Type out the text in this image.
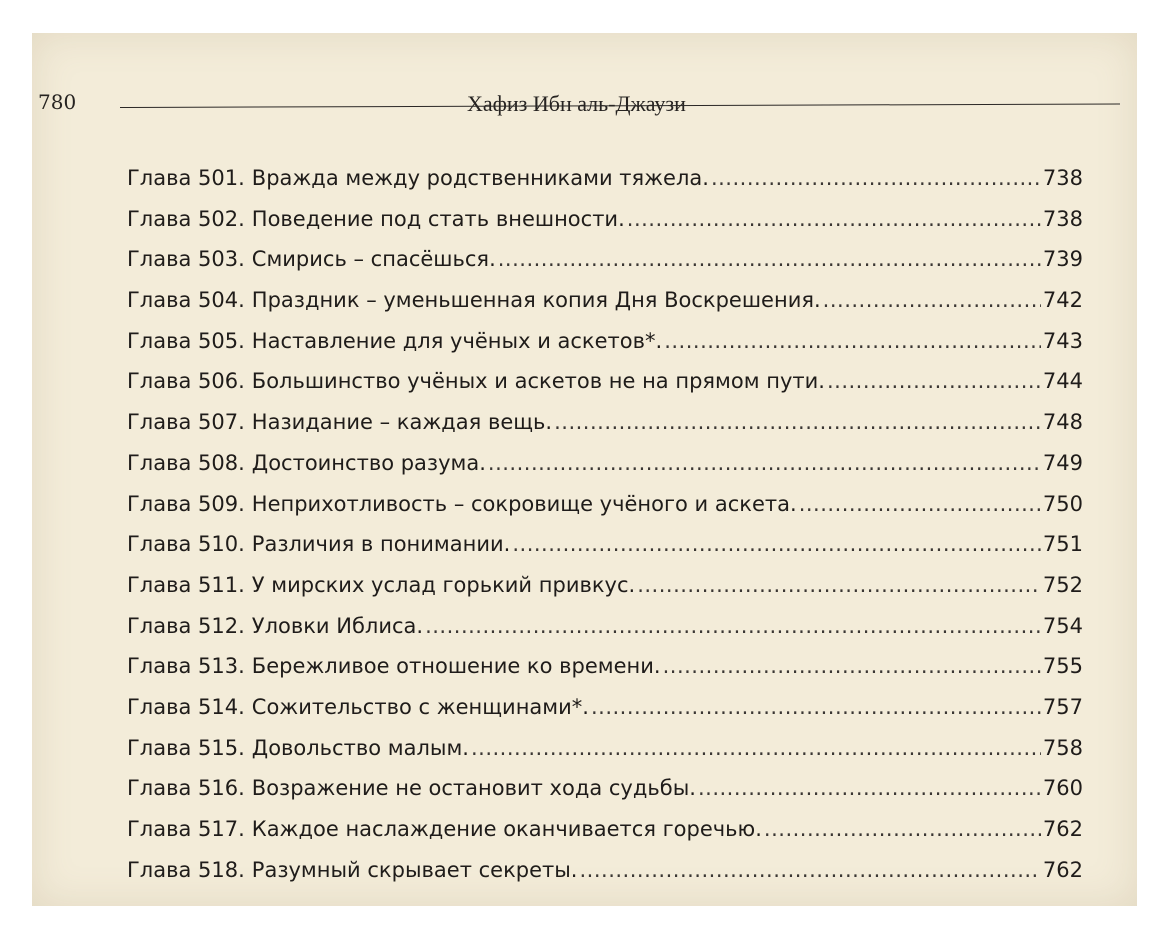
780	Хафиз Ибн аль-Джаузи
Глава 501. Вражда между родственниками тяжела. .....	738
Глава 502. Поведение под стать внешности. .....	738
Глава 503. Смирись – спасёшься. .....	739
Глава 504. Праздник – уменьшенная копия Дня Воскрешения. .....	742
Глава 505. Наставление для учёных и аскетов*. .....	743
Глава 506. Большинство учёных и аскетов не на прямом пути. .....	744
Глава 507. Назидание – каждая вещь. .....	748
Глава 508. Достоинство разума. .....	749
Глава 509. Неприхотливость – сокровище учёного и аскета. .....	750
Глава 510. Различия в понимании. .....	751
Глава 511. У мирских услад горький привкус. .....	752
Глава 512. Уловки Иблиса. .....	754
Глава 513. Бережливое отношение ко времени. .....	755
Глава 514. Сожительство с женщинами*. .....	757
Глава 515. Довольство малым. .....	758
Глава 516. Возражение не остановит хода судьбы. .....	760
Глава 517. Каждое наслаждение оканчивается горечью. .....	762
Глава 518. Разумный скрывает секреты. .....	762
